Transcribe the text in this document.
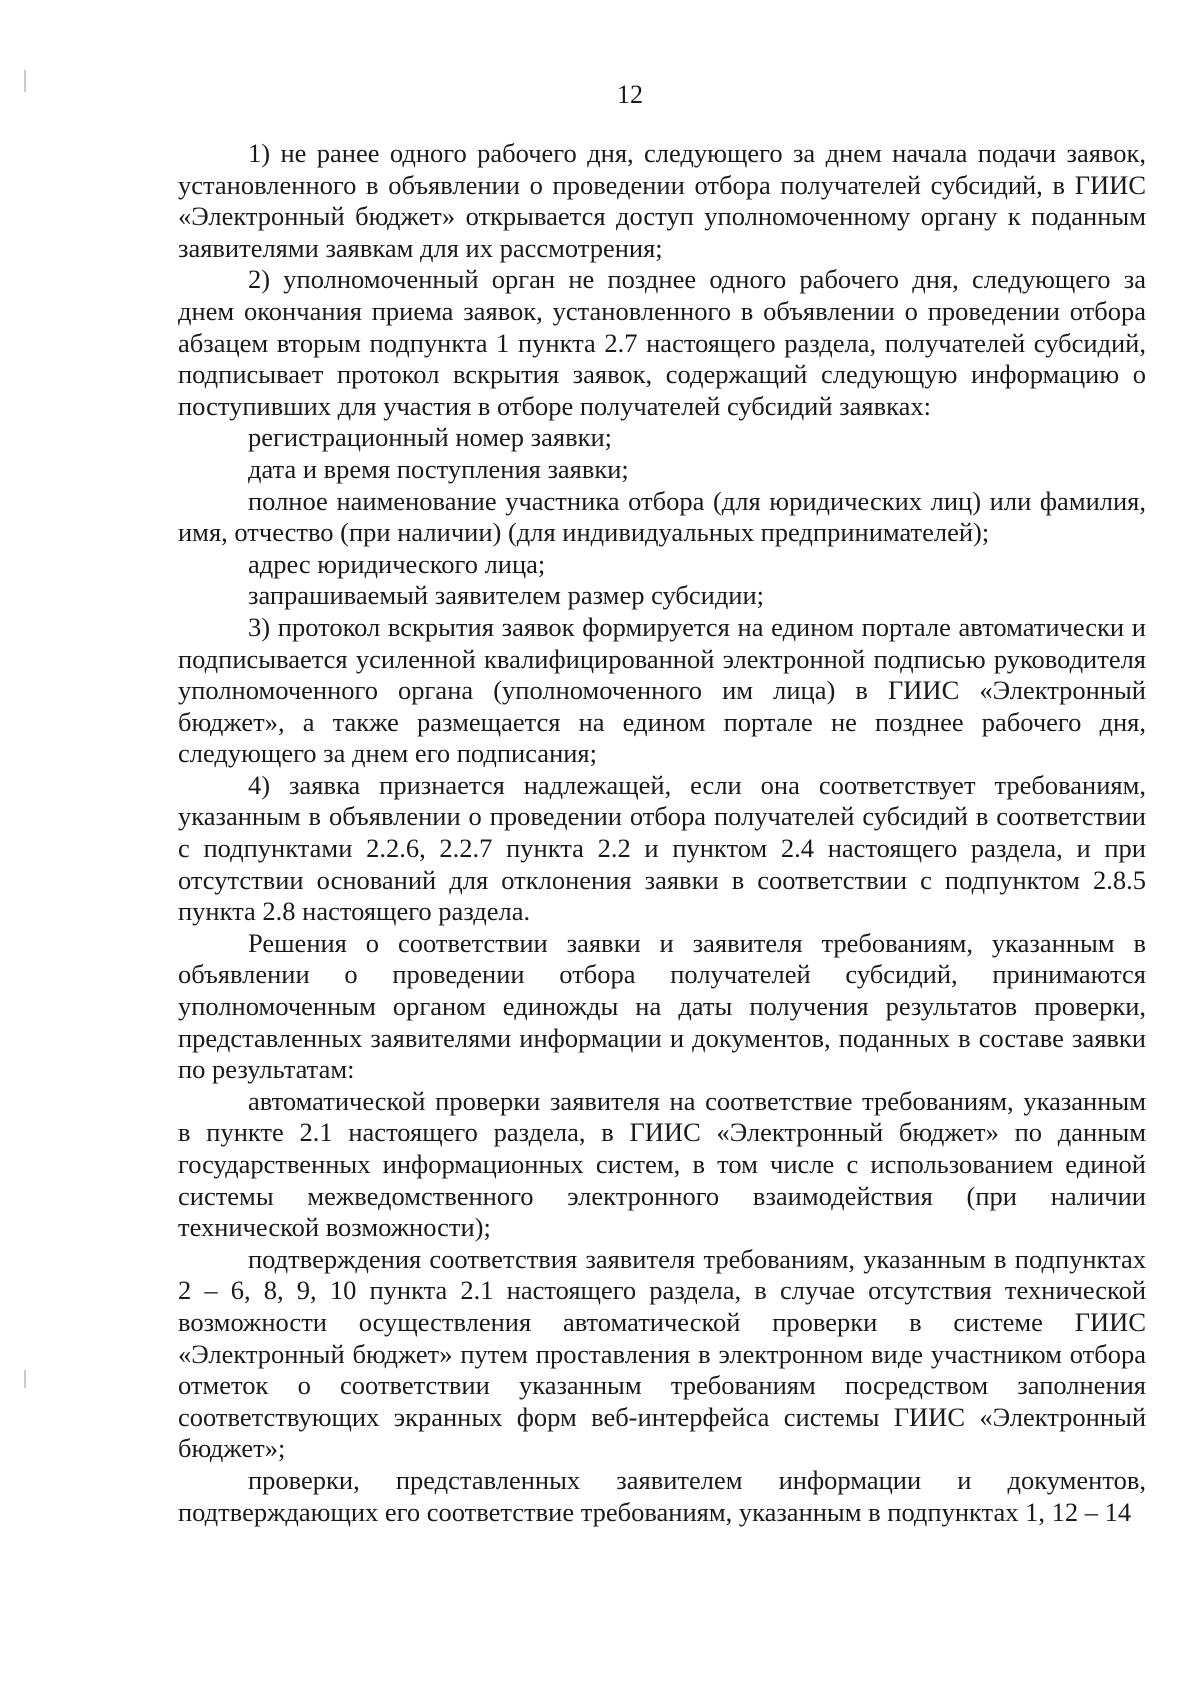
12

1) не ранее одного рабочего дня, следующего за днем начала подачи заявок, установленного в объявлении о проведении отбора получателей субсидий, в ГИИС «Электронный бюджет» открывается доступ уполномоченному органу к поданным заявителями заявкам для их рассмотрения;

2) уполномоченный орган не позднее одного рабочего дня, следующего за днем окончания приема заявок, установленного в объявлении о проведении отбора абзацем вторым подпункта 1 пункта 2.7 настоящего раздела, получателей субсидий, подписывает протокол вскрытия заявок, содержащий следующую информацию о поступивших для участия в отборе получателей субсидий заявках:

регистрационный номер заявки;

дата и время поступления заявки;

полное наименование участника отбора (для юридических лиц) или фамилия, имя, отчество (при наличии) (для индивидуальных предпринимателей);

адрес юридического лица;

запрашиваемый заявителем размер субсидии;

3) протокол вскрытия заявок формируется на едином портале автоматически и подписывается усиленной квалифицированной электронной подписью руководителя уполномоченного органа (уполномоченного им лица) в ГИИС «Электронный бюджет», а также размещается на едином портале не позднее рабочего дня, следующего за днем его подписания;

4) заявка признается надлежащей, если она соответствует требованиям, указанным в объявлении о проведении отбора получателей субсидий в соответствии с подпунктами 2.2.6, 2.2.7 пункта 2.2 и пунктом 2.4 настоящего раздела, и при отсутствии оснований для отклонения заявки в соответствии с подпунктом 2.8.5 пункта 2.8 настоящего раздела.

Решения о соответствии заявки и заявителя требованиям, указанным в объявлении о проведении отбора получателей субсидий, принимаются уполномоченным органом единожды на даты получения результатов проверки, представленных заявителями информации и документов, поданных в составе заявки по результатам:

автоматической проверки заявителя на соответствие требованиям, указанным в пункте 2.1 настоящего раздела, в ГИИС «Электронный бюджет» по данным государственных информационных систем, в том числе с использованием единой системы межведомственного электронного взаимодействия (при наличии технической возможности);

подтверждения соответствия заявителя требованиям, указанным в подпунктах 2 – 6, 8, 9, 10 пункта 2.1 настоящего раздела, в случае отсутствия технической возможности осуществления автоматической проверки в системе ГИИС «Электронный бюджет» путем проставления в электронном виде участником отбора отметок о соответствии указанным требованиям посредством заполнения соответствующих экранных форм веб-интерфейса системы ГИИС «Электронный бюджет»;

проверки, представленных заявителем информации и документов, подтверждающих его соответствие требованиям, указанным в подпунктах 1, 12 – 14
